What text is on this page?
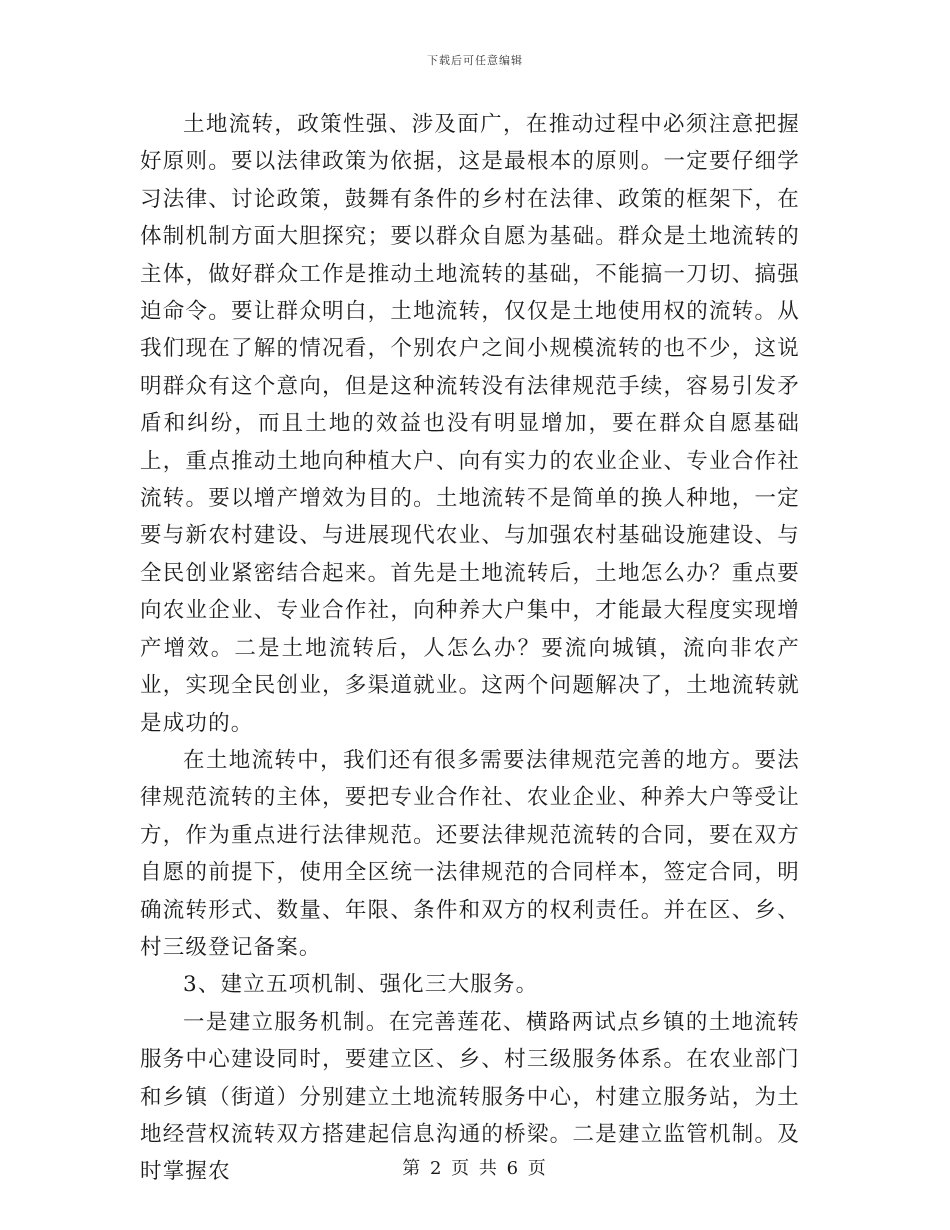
下载后可任意编辑

土地流转，政策性强、涉及面广，在推动过程中必须注意把握好原则。要以法律政策为依据，这是最根本的原则。一定要仔细学习法律、讨论政策，鼓舞有条件的乡村在法律、政策的框架下，在体制机制方面大胆探究；要以群众自愿为基础。群众是土地流转的主体，做好群众工作是推动土地流转的基础，不能搞一刀切、搞强迫命令。要让群众明白，土地流转，仅仅是土地使用权的流转。从我们现在了解的情况看，个别农户之间小规模流转的也不少，这说明群众有这个意向，但是这种流转没有法律规范手续，容易引发矛盾和纠纷，而且土地的效益也没有明显增加，要在群众自愿基础上，重点推动土地向种植大户、向有实力的农业企业、专业合作社流转。要以增产增效为目的。土地流转不是简单的换人种地，一定要与新农村建设、与进展现代农业、与加强农村基础设施建设、与全民创业紧密结合起来。首先是土地流转后，土地怎么办？重点要向农业企业、专业合作社，向种养大户集中，才能最大程度实现增产增效。二是土地流转后，人怎么办？要流向城镇，流向非农产业，实现全民创业，多渠道就业。这两个问题解决了，土地流转就是成功的。

在土地流转中，我们还有很多需要法律规范完善的地方。要法律规范流转的主体，要把专业合作社、农业企业、种养大户等受让方，作为重点进行法律规范。还要法律规范流转的合同，要在双方自愿的前提下，使用全区统一法律规范的合同样本，签定合同，明确流转形式、数量、年限、条件和双方的权利责任。并在区、乡、村三级登记备案。

3、建立五项机制、强化三大服务。

一是建立服务机制。在完善莲花、横路两试点乡镇的土地流转服务中心建设同时，要建立区、乡、村三级服务体系。在农业部门和乡镇（街道）分别建立土地流转服务中心，村建立服务站，为土地经营权流转双方搭建起信息沟通的桥梁。二是建立监管机制。及时掌握农	第 2 页 共 6 页
